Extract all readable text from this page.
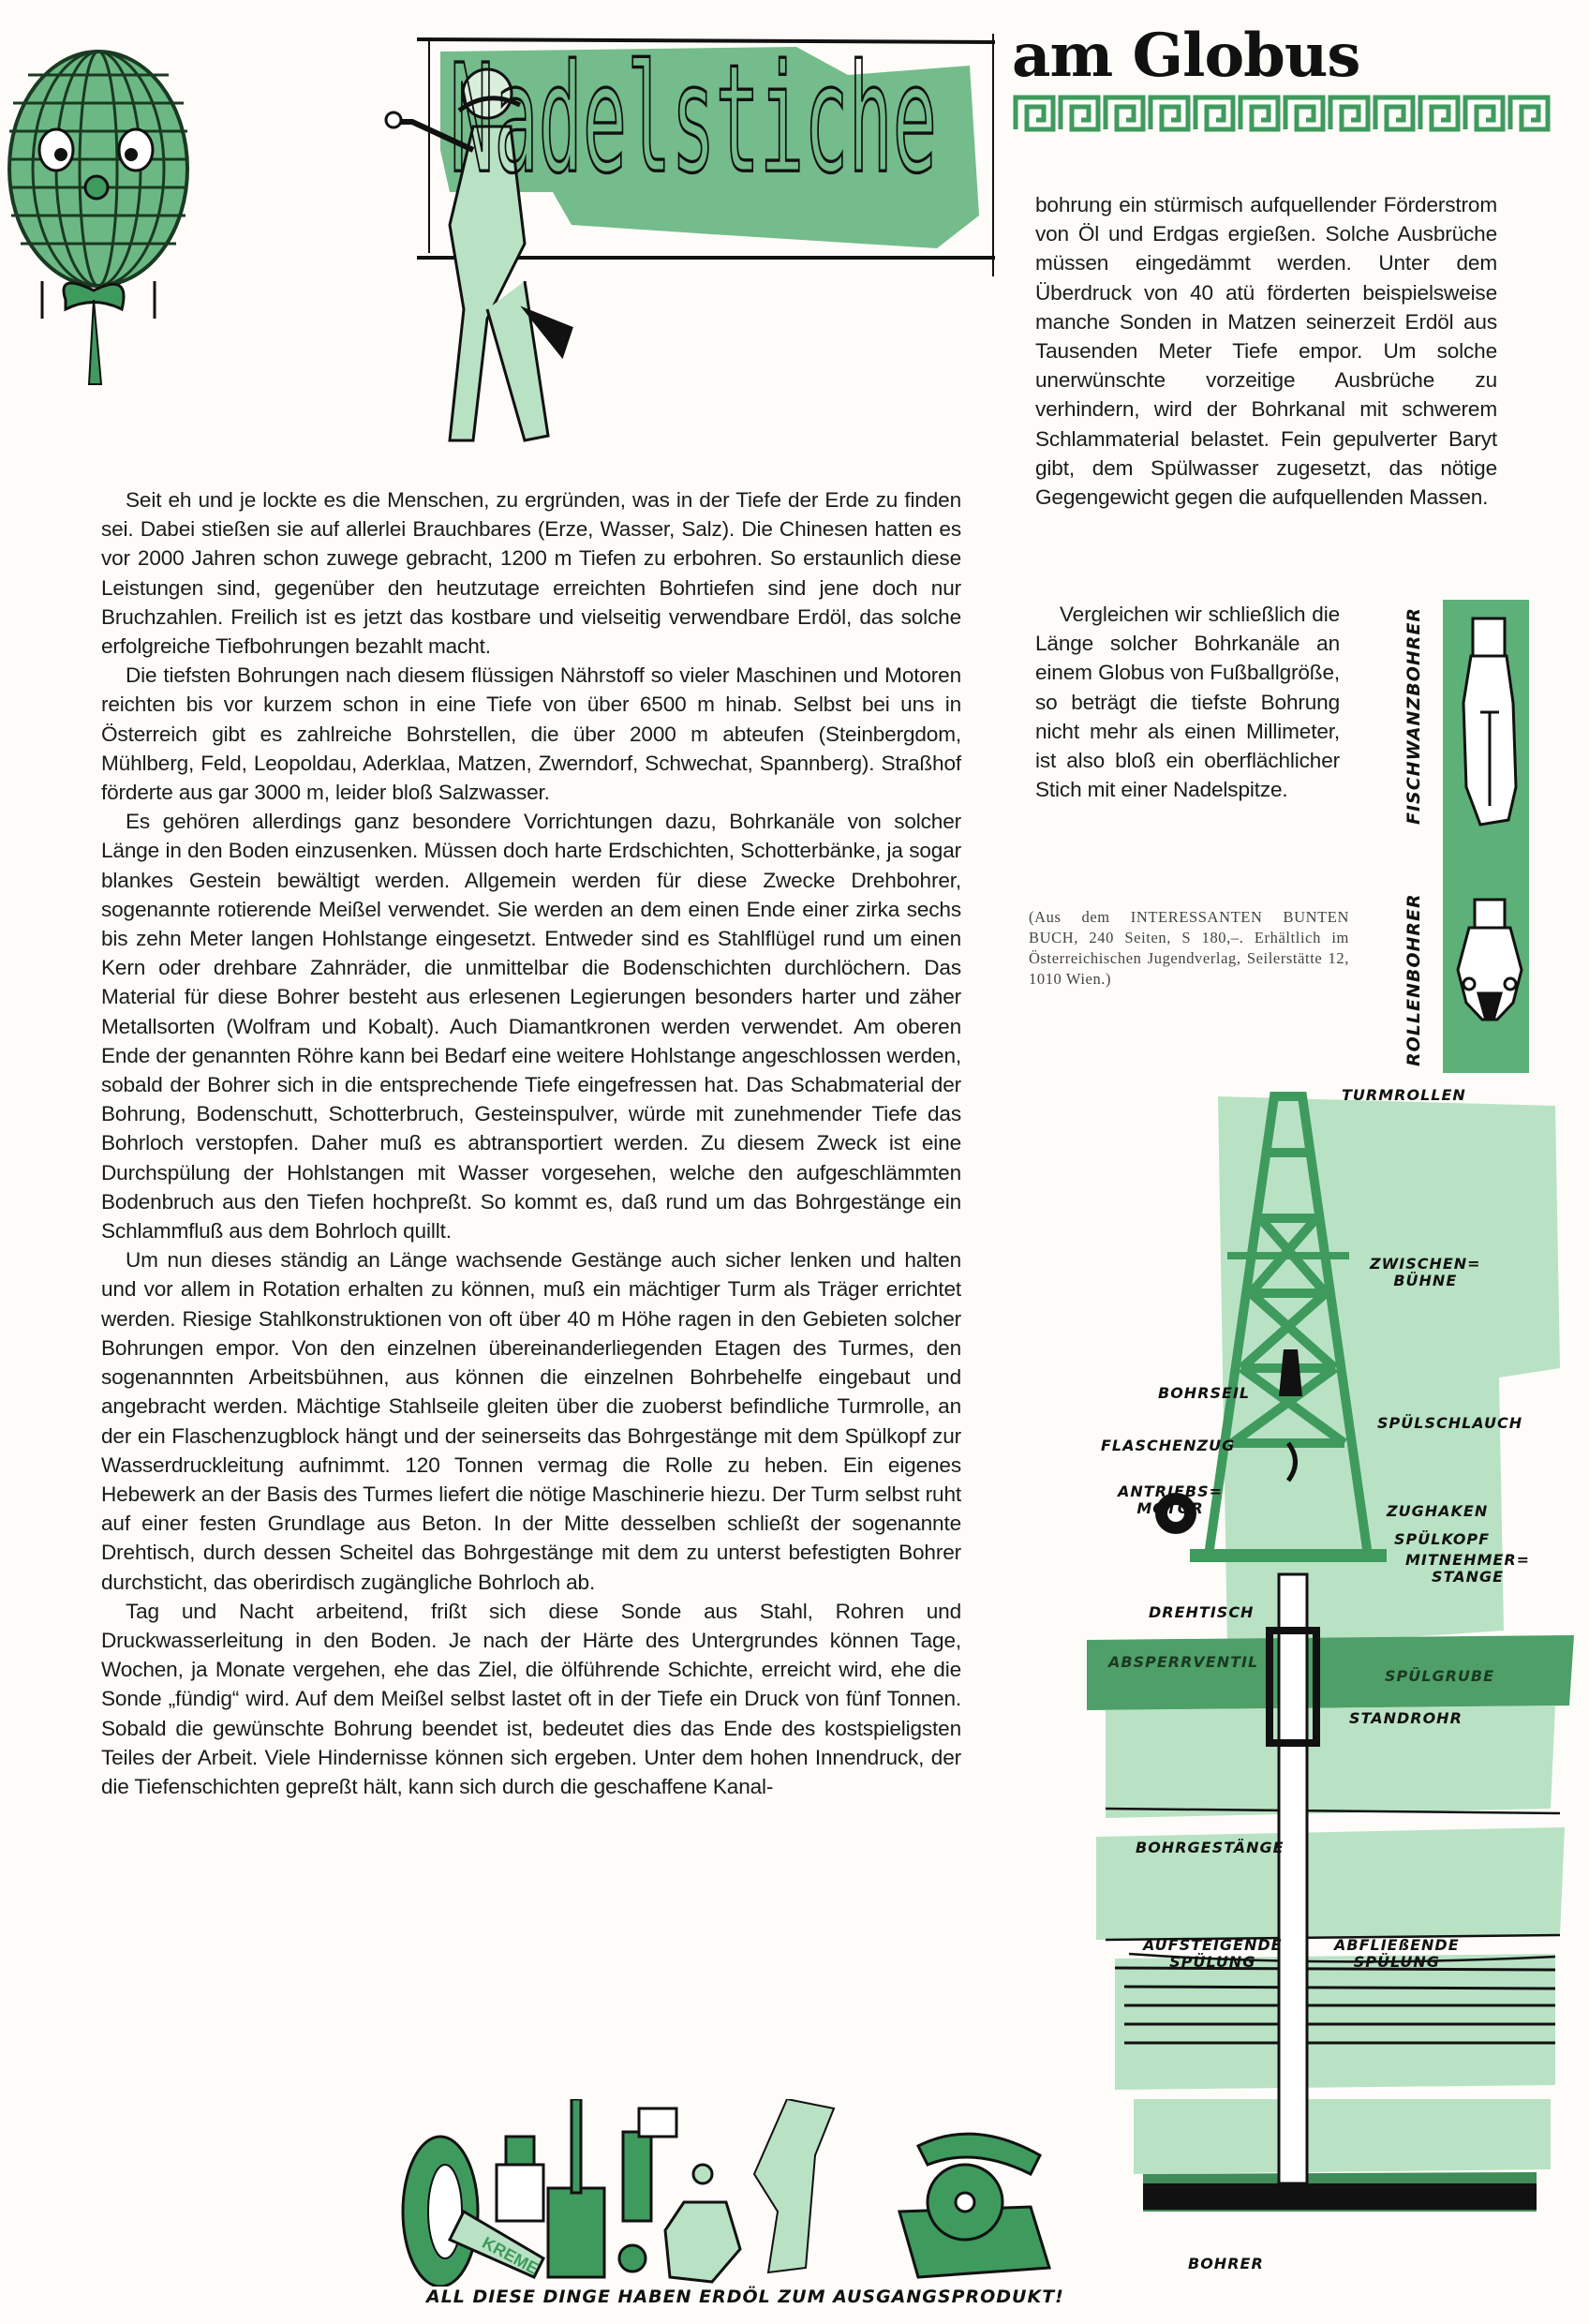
Nadelstiche am Globus

Seit eh und je lockte es die Menschen, zu ergründen, was in der Tiefe der Erde zu finden sei. Dabei stießen sie auf allerlei Brauchbares (Erze, Wasser, Salz). Die Chinesen hatten es vor 2000 Jahren schon zuwege gebracht, 1200 m Tiefen zu erbohren. So erstaunlich diese Leistungen sind, gegenüber den heutzutage erreichten Bohrtiefen sind jene doch nur Bruchzahlen. Freilich ist es jetzt das kostbare und vielseitig verwendbare Erdöl, das solche erfolgreiche Tiefbohrungen bezahlt macht.

Die tiefsten Bohrungen nach diesem flüssigen Nährstoff so vieler Maschinen und Motoren reichten bis vor kurzem schon in eine Tiefe von über 6500 m hinab. Selbst bei uns in Österreich gibt es zahlreiche Bohrstellen, die über 2000 m abteufen (Steinbergdom, Mühlberg, Feld, Leopoldau, Aderklaa, Matzen, Zwerndorf, Schwechat, Spannberg). Straßhof förderte aus gar 3000 m, leider bloß Salzwasser.

Es gehören allerdings ganz besondere Vorrichtungen dazu, Bohrkanäle von solcher Länge in den Boden einzusenken. Müssen doch harte Erdschichten, Schotterbänke, ja sogar blankes Gestein bewältigt werden. Allgemein werden für diese Zwecke Drehbohrer, sogenannte rotierende Meißel verwendet. Sie werden an dem einen Ende einer zirka sechs bis zehn Meter langen Hohlstange eingesetzt. Entweder sind es Stahlflügel rund um einen Kern oder drehbare Zahnräder, die unmittelbar die Bodenschichten durchlöchern. Das Material für diese Bohrer besteht aus erlesenen Legierungen besonders harter und zäher Metallsorten (Wolfram und Kobalt). Auch Diamantkronen werden verwendet. Am oberen Ende der genannten Röhre kann bei Bedarf eine weitere Hohlstange angeschlossen werden, sobald der Bohrer sich in die entsprechende Tiefe eingefressen hat. Das Schabmaterial der Bohrung, Bodenschutt, Schotterbruch, Gesteinspulver, würde mit zunehmender Tiefe das Bohrloch verstopfen. Daher muß es abtransportiert werden. Zu diesem Zweck ist eine Durchspülung der Hohlstangen mit Wasser vorgesehen, welche den aufgeschlämmten Bodenbruch aus den Tiefen hochpreßt. So kommt es, daß rund um das Bohrgestänge ein Schlammfluß aus dem Bohrloch quillt.

Um nun dieses ständig an Länge wachsende Gestänge auch sicher lenken und halten und vor allem in Rotation erhalten zu können, muß ein mächtiger Turm als Träger errichtet werden. Riesige Stahlkonstruktionen von oft über 40 m Höhe ragen in den Gebieten solcher Bohrungen empor. Von den einzelnen übereinanderliegenden Etagen des Turmes, den sogenannnten Arbeitsbühnen, aus können die einzelnen Bohrbehelfe eingebaut und angebracht werden. Mächtige Stahlseile gleiten über die zuoberst befindliche Turmrolle, an der ein Flaschenzugblock hängt und der seinerseits das Bohrgestänge mit dem Spülkopf zur Wasserdruckleitung aufnimmt. 120 Tonnen vermag die Rolle zu heben. Ein eigenes Hebewerk an der Basis des Turmes liefert die nötige Maschinerie hiezu. Der Turm selbst ruht auf einer festen Grundlage aus Beton. In der Mitte desselben schließt der sogenannte Drehtisch, durch dessen Scheitel das Bohrgestänge mit dem zu unterst befestigten Bohrer durchsticht, das oberirdisch zugängliche Bohrloch ab.

Tag und Nacht arbeitend, frißt sich diese Sonde aus Stahl, Rohren und Druckwasserleitung in den Boden. Je nach der Härte des Untergrundes können Tage, Wochen, ja Monate vergehen, ehe das Ziel, die ölführende Schichte, erreicht wird, ehe die Sonde „fündig“ wird. Auf dem Meißel selbst lastet oft in der Tiefe ein Druck von fünf Tonnen. Sobald die gewünschte Bohrung beendet ist, bedeutet dies das Ende des kostspieligsten Teiles der Arbeit. Viele Hindernisse können sich ergeben. Unter dem hohen Innendruck, der die Tiefenschichten gepreßt hält, kann sich durch die geschaffene Kanal-

bohrung ein stürmisch aufquellender Förderstrom von Öl und Erdgas ergießen. Solche Ausbrüche müssen eingedämmt werden. Unter dem Überdruck von 40 atü förderten beispielsweise manche Sonden in Matzen seinerzeit Erdöl aus Tausenden Meter Tiefe empor. Um solche unerwünschte vorzeitige Ausbrüche zu verhindern, wird der Bohrkanal mit schwerem Schlammaterial belastet. Fein gepulverter Baryt gibt, dem Spülwasser zugesetzt, das nötige Gegengewicht gegen die aufquellenden Massen.

Vergleichen wir schließlich die Länge solcher Bohrkanäle an einem Globus von Fußballgröße, so beträgt die tiefste Bohrung nicht mehr als einen Millimeter, ist also bloß ein oberflächlicher Stich mit einer Nadelspitze.

(Aus dem INTERESSANTEN BUNTEN BUCH, 240 Seiten, S 180,–. Erhältlich im Österreichischen Jugendverlag, Seilerstätte 12, 1010 Wien.)
FISCHWANZBOHRER
ROLLENBOHRER
TURMROLLEN
ZWISCHEN=
BÜHNE
BOHRSEIL
SPÜLSCHLAUCH
FLASCHENZUG
ANTRIEBS=
MOTOR	ZUGHAKEN
SPÜLKOPF
MITNEHMER=
STANGE
DREHTISCH
ABSPERRVENTIL
SPÜLGRUBE
STANDROHR
BOHRGESTÄNGE
AUFSTEIGENDE
SPÜLUNG
ABFLIEßENDE
SPÜLUNG
BOHRER
KREME
ALL DIESE DINGE HABEN ERDÖL ZUM AUSGANGSPRODUKT!
